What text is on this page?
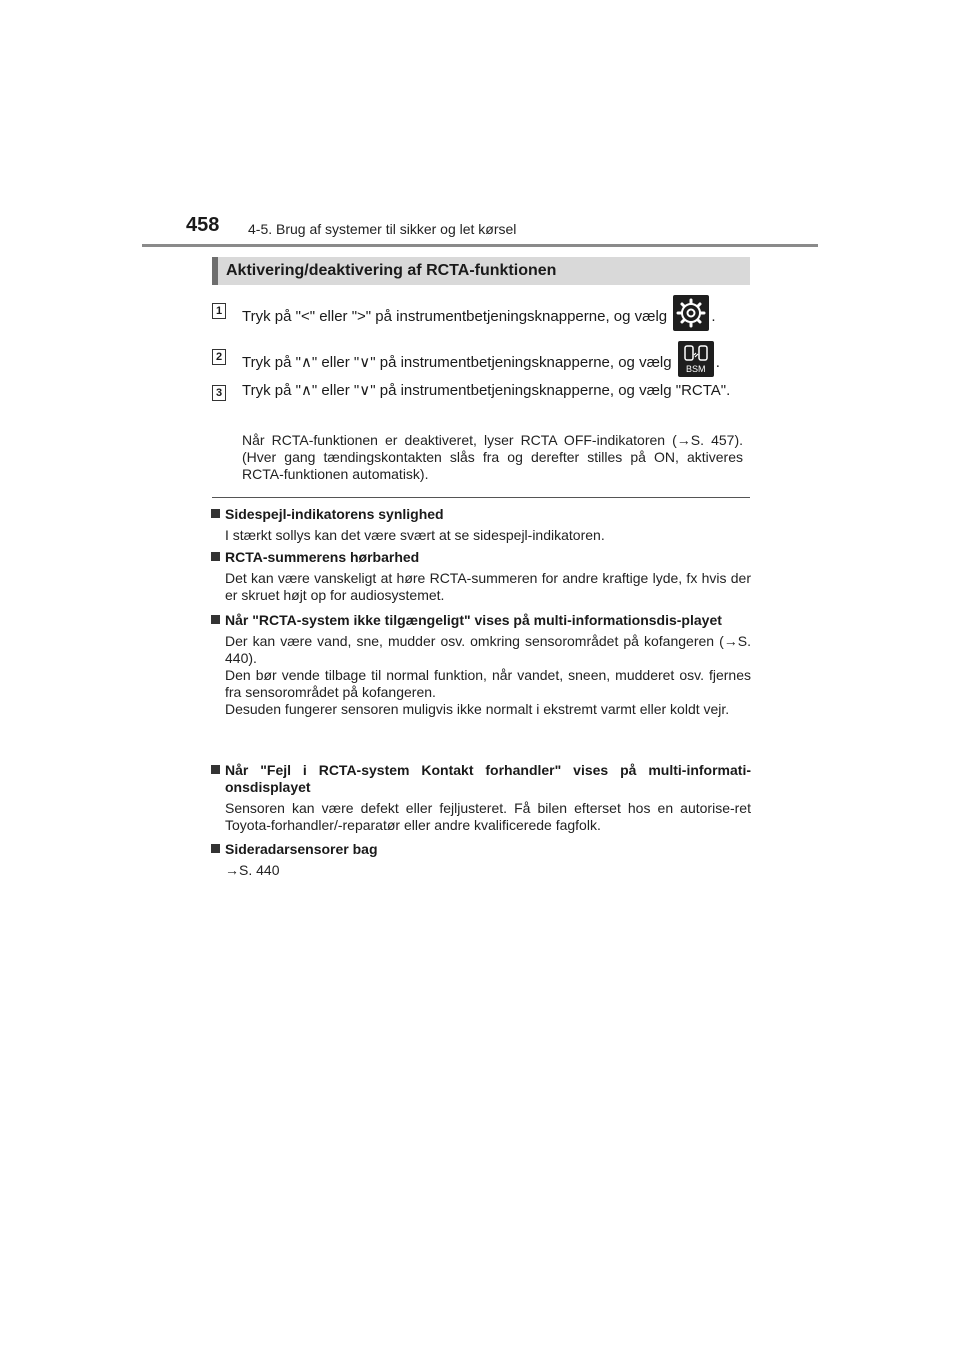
458 4-5. Brug af systemer til sikker og let kørsel
Aktivering/deaktivering af RCTA-funktionen
1 Tryk på "<" eller ">" på instrumentbetjeningsknapperne, og vælg	.
2 Tryk på "∧" eller "∨" på instrumentbetjeningsknapperne, og vælg	BSM .
3 Tryk på "∧" eller "∨" på instrumentbetjeningsknapperne, og vælg "RCTA".
Når RCTA-funktionen er deaktiveret, lyser RCTA OFF-indikatoren (→S. 457). (Hver gang tændingskontakten slås fra og derefter stilles på ON, aktiveres RCTA-funktionen automatisk).
Sidespejl-indikatorens synlighed

I stærkt sollys kan det være svært at se sidespejl-indikatoren.

RCTA-summerens hørbarhed

Det kan være vanskeligt at høre RCTA-summeren for andre kraftige lyde, fx hvis der er skruet højt op for audiosystemet.

Når "RCTA-system ikke tilgængeligt" vises på multi-informationsdis-playet

Der kan være vand, sne, mudder osv. omkring sensorområdet på kofangeren (→S. 440).

Den bør vende tilbage til normal funktion, når vandet, sneen, mudderet osv. fjernes fra sensorområdet på kofangeren.

Desuden fungerer sensoren muligvis ikke normalt i ekstremt varmt eller koldt vejr.

Når "Fejl i RCTA-system Kontakt forhandler" vises på multi-informati-onsdisplayet

Sensoren kan være defekt eller fejljusteret. Få bilen efterset hos en autorise-ret Toyota-forhandler/-reparatør eller andre kvalificerede fagfolk.

Sideradarsensorer bag

→S. 440
